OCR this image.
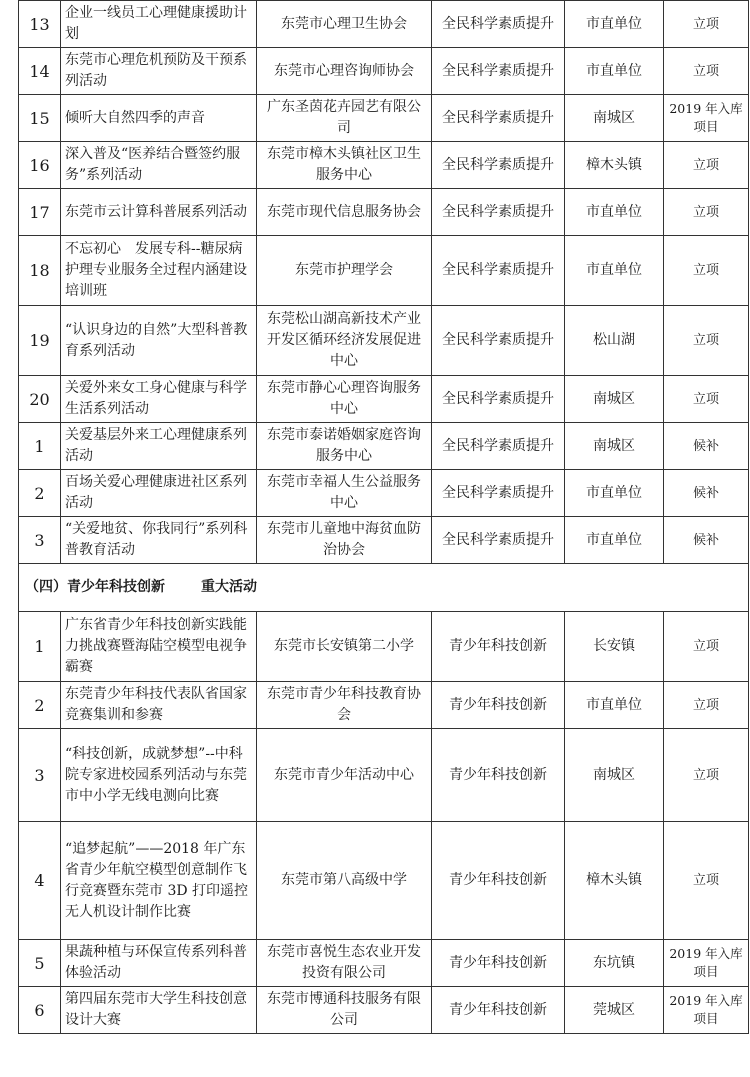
13	企业一线员工心理健康援助计划	东莞市心理卫生协会	全民科学素质提升	市直单位	立项
14	东莞市心理危机预防及干预系列活动	东莞市心理咨询师协会	全民科学素质提升	市直单位	立项
15	倾听大自然四季的声音	广东圣茵花卉园艺有限公司	全民科学素质提升	南城区	2019 年入库项目
16	深入普及“医养结合暨签约服务”系列活动	东莞市樟木头镇社区卫生服务中心	全民科学素质提升	樟木头镇	立项
17	东莞市云计算科普展系列活动	东莞市现代信息服务协会	全民科学素质提升	市直单位	立项
18	不忘初心　发展专科--糖尿病护理专业服务全过程内涵建设培训班	东莞市护理学会	全民科学素质提升	市直单位	立项
19	“认识身边的自然”大型科普教育系列活动	东莞松山湖高新技术产业开发区循环经济发展促进中心	全民科学素质提升	松山湖	立项
20	关爱外来女工身心健康与科学生活系列活动	东莞市静心心理咨询服务中心	全民科学素质提升	南城区	立项
1	关爱基层外来工心理健康系列活动	东莞市泰诺婚姻家庭咨询服务中心	全民科学素质提升	南城区	候补
2	百场关爱心理健康进社区系列活动	东莞市幸福人生公益服务中心	全民科学素质提升	市直单位	候补
3	“关爱地贫、你我同行”系列科普教育活动	东莞市儿童地中海贫血防治协会	全民科学素质提升	市直单位	候补
（四）青少年科技创新 重大活动					
1	广东省青少年科技创新实践能力挑战赛暨海陆空模型电视争霸赛	东莞市长安镇第二小学	青少年科技创新	长安镇	立项
2	东莞青少年科技代表队省国家竞赛集训和参赛	东莞市青少年科技教育协会	青少年科技创新	市直单位	立项
3	“科技创新，成就梦想”--中科院专家进校园系列活动与东莞市中小学无线电测向比赛	东莞市青少年活动中心	青少年科技创新	南城区	立项
4	“追梦起航”——2018 年广东省青少年航空模型创意制作飞行竞赛暨东莞市 3D 打印遥控无人机设计制作比赛	东莞市第八高级中学	青少年科技创新	樟木头镇	立项
5	果蔬种植与环保宣传系列科普体验活动	东莞市喜悦生态农业开发投资有限公司	青少年科技创新	东坑镇	2019 年入库项目
6	第四届东莞市大学生科技创意设计大赛	东莞市博通科技服务有限公司	青少年科技创新	莞城区	2019 年入库项目
